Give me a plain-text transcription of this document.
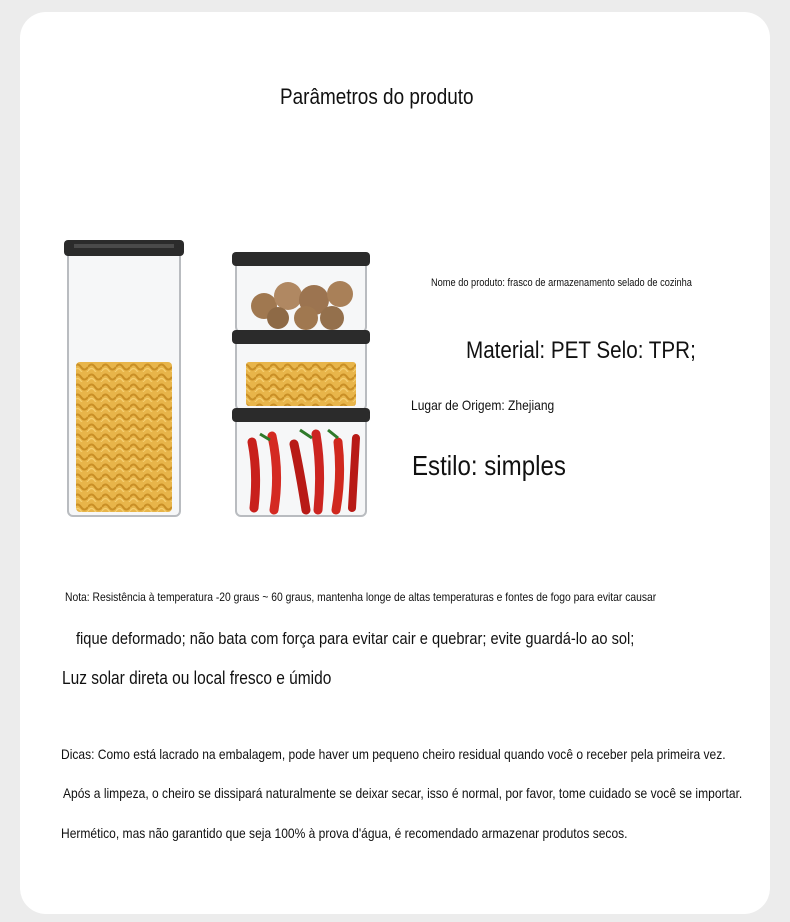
Parâmetros do produto
Nome do produto: frasco de armazenamento selado de cozinha
Material: PET Selo: TPR;
Lugar de Origem: Zhejiang
Estilo: simples
Nota: Resistência à temperatura -20 graus ~ 60 graus, mantenha longe de altas temperaturas e fontes de fogo para evitar causar
fique deformado; não bata com força para evitar cair e quebrar; evite guardá-lo ao sol;
Luz solar direta ou local fresco e úmido
Dicas: Como está lacrado na embalagem, pode haver um pequeno cheiro residual quando você o receber pela primeira vez.
Após a limpeza, o cheiro se dissipará naturalmente se deixar secar, isso é normal, por favor, tome cuidado se você se importar.
Hermético, mas não garantido que seja 100% à prova d'água, é recomendado armazenar produtos secos.
